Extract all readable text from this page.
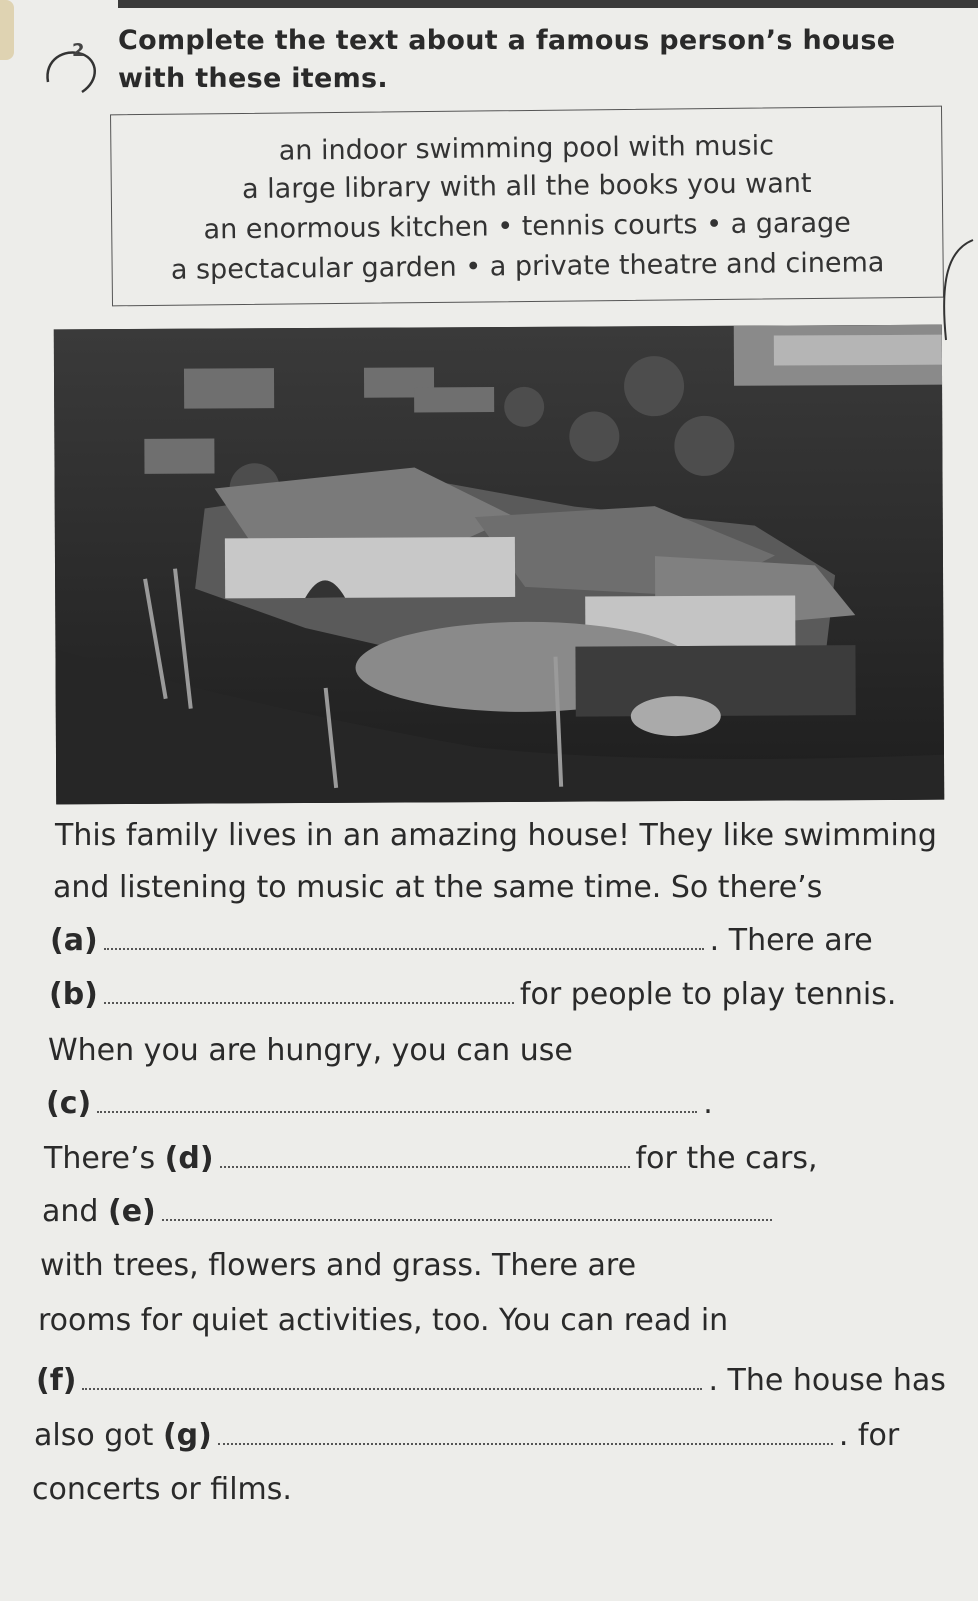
2 Complete the text about a famous person’s house
with these items.
an indoor swimming pool with music
a large library with all the books you want
an enormous kitchen • tennis courts • a garage
a spectacular garden • a private theatre and cinema
This family lives in an amazing house! They like swimming
and listening to music at the same time. So there’s
(a)	. There are
(b)	for people to play tennis.
When you are hungry, you can use
(c)	.
There’s (d)	for the cars,
and (e)
with trees, flowers and grass. There are
rooms for quiet activities, too. You can read in
(f)	. The house has
also got (g)	. for
concerts or films.
